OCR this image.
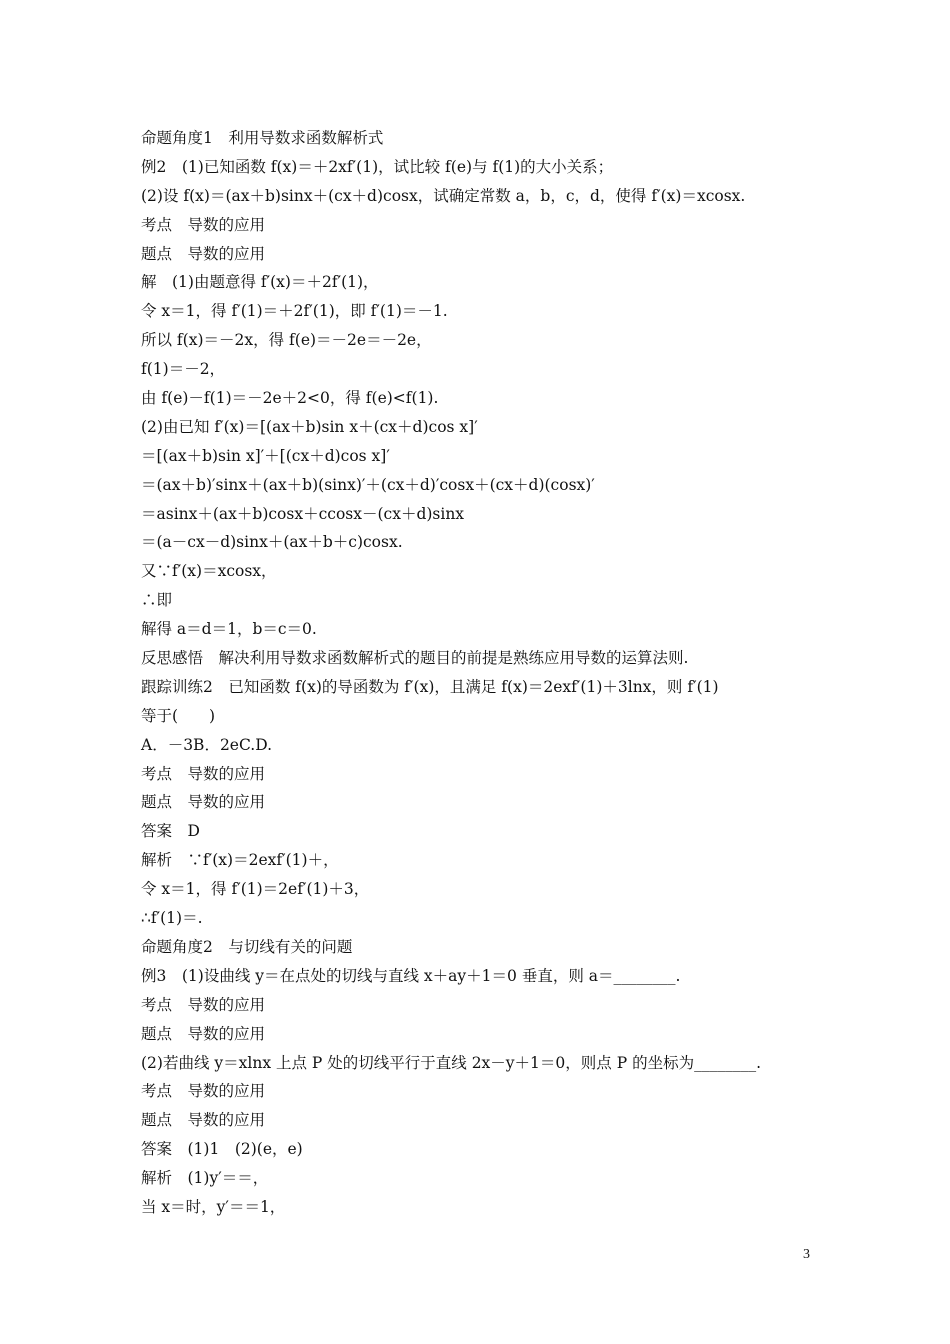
命题角度1　利用导数求函数解析式
例2　(1)已知函数 f(x)＝＋2xf′(1)，试比较 f(e)与 f(1)的大小关系；
(2)设 f(x)＝(ax＋b)sinx＋(cx＋d)cosx，试确定常数 a，b，c，d，使得 f′(x)＝xcosx.
考点　导数的应用
题点　导数的应用
解　(1)由题意得 f′(x)＝＋2f′(1)，
令 x＝1，得 f′(1)＝＋2f′(1)，即 f′(1)＝－1.
所以 f(x)＝－2x，得 f(e)＝－2e＝－2e，
f(1)＝－2，
由 f(e)－f(1)＝－2e＋2<0，得 f(e)<f(1).
(2)由已知 f′(x)＝[(ax＋b)sin x＋(cx＋d)cos x]′
＝[(ax＋b)sin x]′＋[(cx＋d)cos x]′
＝(ax＋b)′sinx＋(ax＋b)(sinx)′＋(cx＋d)′cosx＋(cx＋d)(cosx)′
＝asinx＋(ax＋b)cosx＋ccosx－(cx＋d)sinx
＝(a－cx－d)sinx＋(ax＋b＋c)cosx.
又∵f′(x)＝xcosx，
∴即
解得 a＝d＝1，b＝c＝0.
反思感悟　解决利用导数求函数解析式的题目的前提是熟练应用导数的运算法则.
跟踪训练2　已知函数 f(x)的导函数为 f′(x)，且满足 f(x)＝2exf′(1)＋3lnx，则 f′(1)
等于(　　)
A．－3B．2eC.D.
考点　导数的应用
题点　导数的应用
答案　D
解析　∵f′(x)＝2exf′(1)＋，
令 x＝1，得 f′(1)＝2ef′(1)＋3，
∴f′(1)＝.
命题角度2　与切线有关的问题
例3　(1)设曲线 y＝在点处的切线与直线 x＋ay＋1＝0 垂直，则 a＝________.
考点　导数的应用
题点　导数的应用
(2)若曲线 y＝xlnx 上点 P 处的切线平行于直线 2x－y＋1＝0，则点 P 的坐标为________.
考点　导数的应用
题点　导数的应用
答案　(1)1　(2)(e，e)
解析　(1)y′＝＝，
当 x＝时，y′＝＝1，
3
